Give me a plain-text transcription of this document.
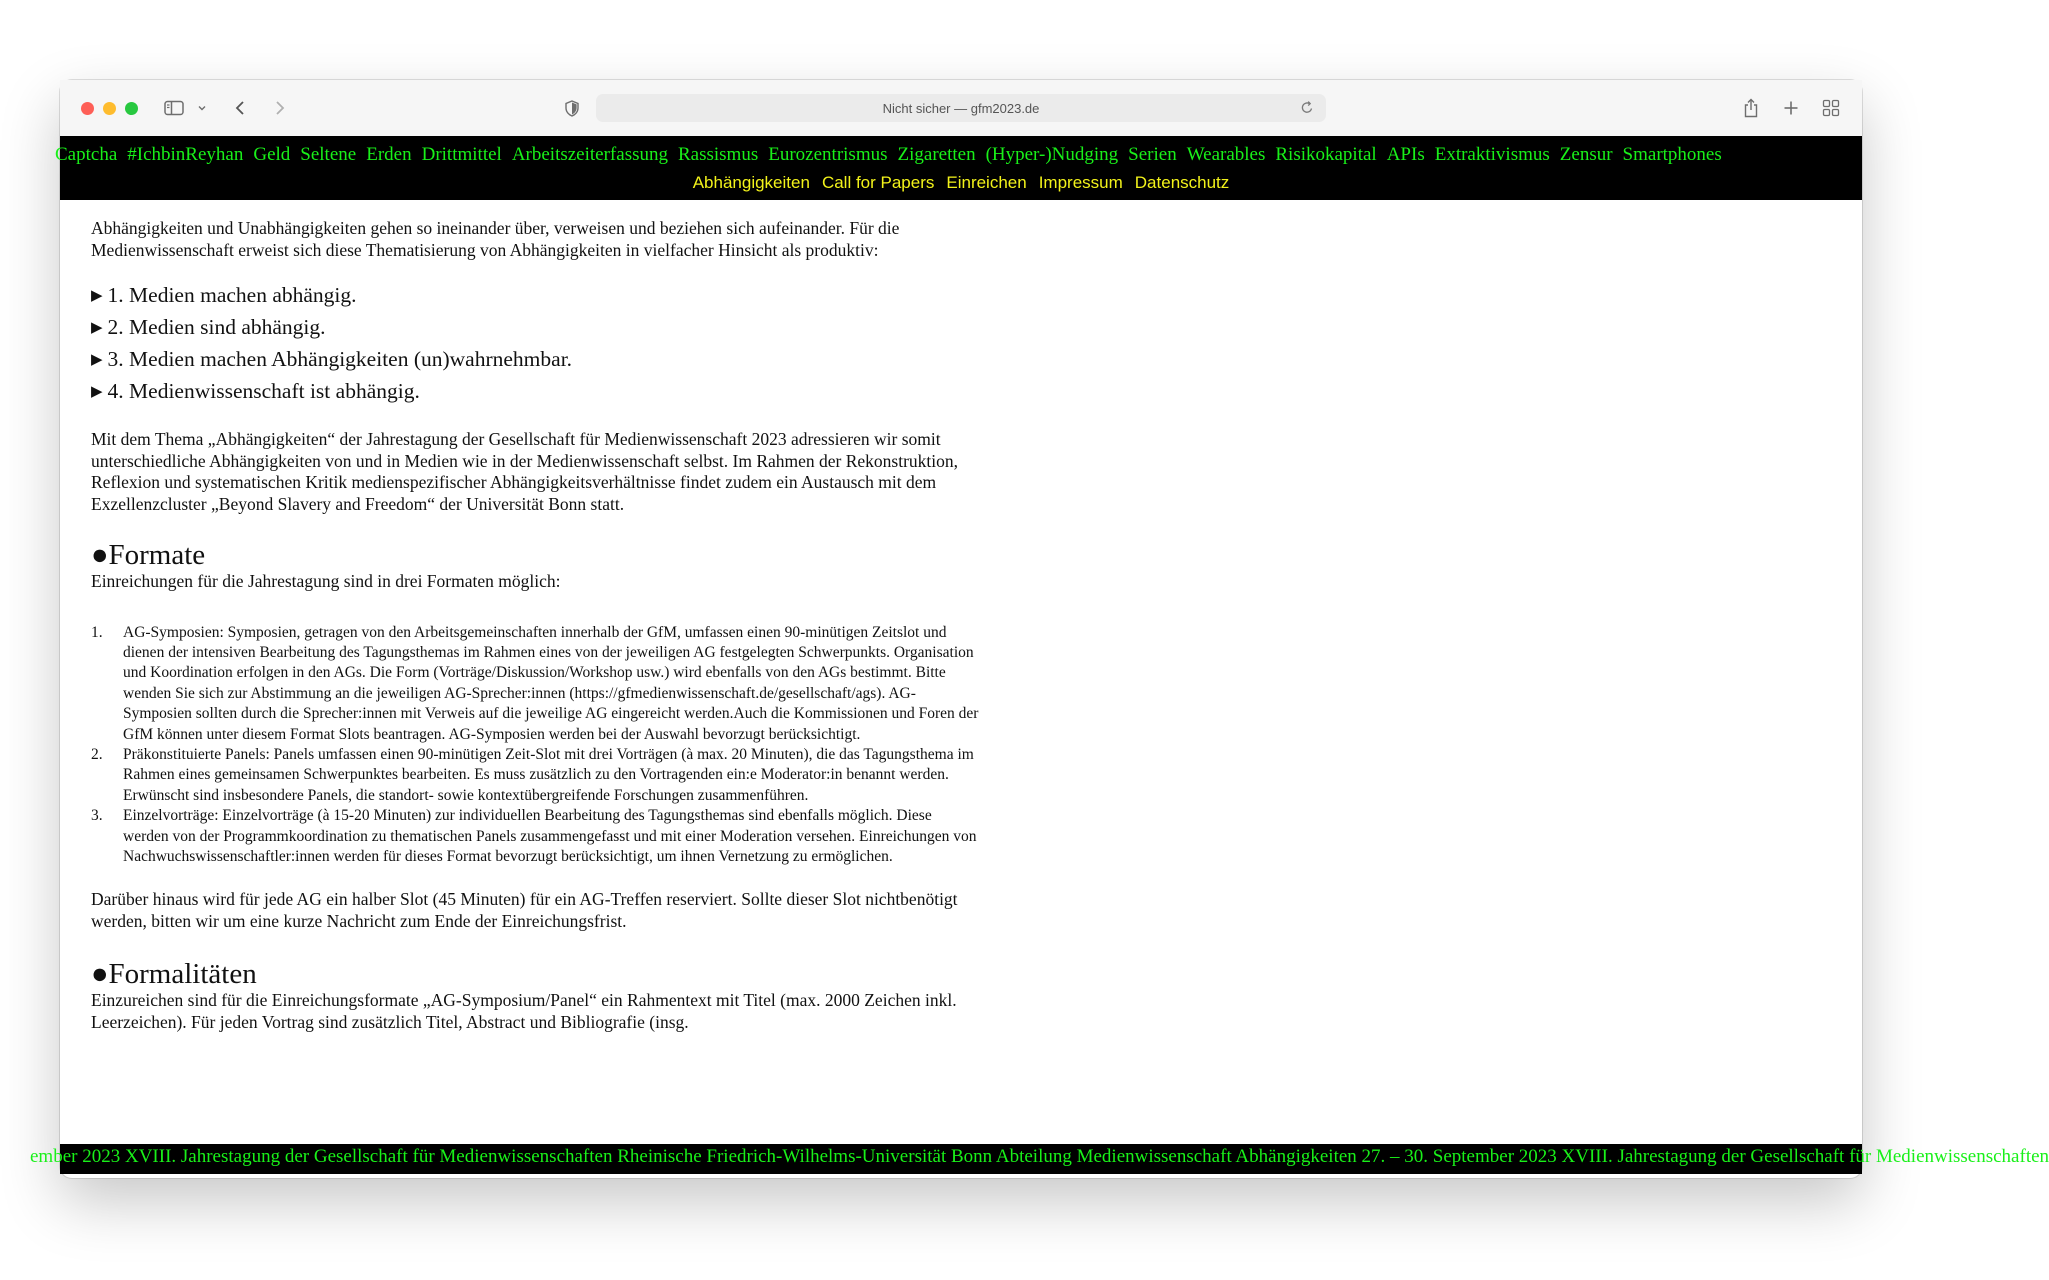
Nicht sicher — gfm2023.de
Captcha #IchbinReyhan Geld Seltene Erden Drittmittel Arbeitszeiterfassung Rassismus Eurozentrismus Zigaretten (Hyper-)Nudging Serien Wearables Risikokapital APIs Extraktivismus Zensur Smartphones
Abhängigkeiten Call for Papers Einreichen Impressum Datenschutz

Abhängigkeiten und Unabhängigkeiten gehen so ineinander über, verweisen und beziehen sich aufeinander. Für die Medienwissenschaft erweist sich diese Thematisierung von Abhängigkeiten in vielfacher Hinsicht als produktiv:

▶ 1. Medien machen abhängig.
▶ 2. Medien sind abhängig.
▶ 3. Medien machen Abhängigkeiten (un)wahrnehmbar.
▶ 4. Medienwissenschaft ist abhängig.

Mit dem Thema „Abhängigkeiten“ der Jahrestagung der Gesellschaft für Medienwissenschaft 2023 adressieren wir somit unterschiedliche Abhängigkeiten von und in Medien wie in der Medienwissenschaft selbst. Im Rahmen der Rekonstruktion, Reflexion und systematischen Kritik medienspezifischer Abhängigkeitsverhältnisse findet zudem ein Austausch mit dem Exzellenzcluster „Beyond Slavery and Freedom“ der Universität Bonn statt.

●Formate

Einreichungen für die Jahrestagung sind in drei Formaten möglich:

1.	AG-Symposien: Symposien, getragen von den Arbeitsgemeinschaften innerhalb der GfM, umfassen einen 90-minütigen Zeitslot und dienen der intensiven Bearbeitung des Tagungsthemas im Rahmen eines von der jeweiligen AG festgelegten Schwerpunkts. Organisation und Koordination erfolgen in den AGs. Die Form (Vorträge/Diskussion/Workshop usw.) wird ebenfalls von den AGs bestimmt. Bitte wenden Sie sich zur Abstimmung an die jeweiligen AG-Sprecher:innen (https://gfmedienwissenschaft.de/gesellschaft/ags). AG-Symposien sollten durch die Sprecher:innen mit Verweis auf die jeweilige AG eingereicht werden.Auch die Kommissionen und Foren der GfM können unter diesem Format Slots beantragen. AG-Symposien werden bei der Auswahl bevorzugt berücksichtigt.
2.	Präkonstituierte Panels: Panels umfassen einen 90-minütigen Zeit-Slot mit drei Vorträgen (à max. 20 Minuten), die das Tagungsthema im Rahmen eines gemeinsamen Schwerpunktes bearbeiten. Es muss zusätzlich zu den Vortragenden ein:e Moderator:in benannt werden. Erwünscht sind insbesondere Panels, die standort- sowie kontextübergreifende Forschungen zusammenführen.
3.	Einzelvorträge: Einzelvorträge (à 15-20 Minuten) zur individuellen Bearbeitung des Tagungsthemas sind ebenfalls möglich. Diese werden von der Programmkoordination zu thematischen Panels zusammengefasst und mit einer Moderation versehen. Einreichungen von Nachwuchswissenschaftler:innen werden für dieses Format bevorzugt berücksichtigt, um ihnen Vernetzung zu ermöglichen.

Darüber hinaus wird für jede AG ein halber Slot (45 Minuten) für ein AG-Treffen reserviert. Sollte dieser Slot nichtbenötigt werden, bitten wir um eine kurze Nachricht zum Ende der Einreichungsfrist.

●Formalitäten

Einzureichen sind für die Einreichungsformate „AG-Symposium/Panel“ ein Rahmentext mit Titel (max. 2000 Zeichen inkl. Leerzeichen). Für jeden Vortrag sind zusätzlich Titel, Abstract und Bibliografie (insg.

ember 2023 XVIII. Jahrestagung der Gesellschaft für Medienwissenschaften Rheinische Friedrich-Wilhelms-Universität Bonn Abteilung Medienwissenschaft Abhängigkeiten 27. – 30. September 2023 XVIII. Jahrestagung der Gesellschaft für Medienwissenschaften
